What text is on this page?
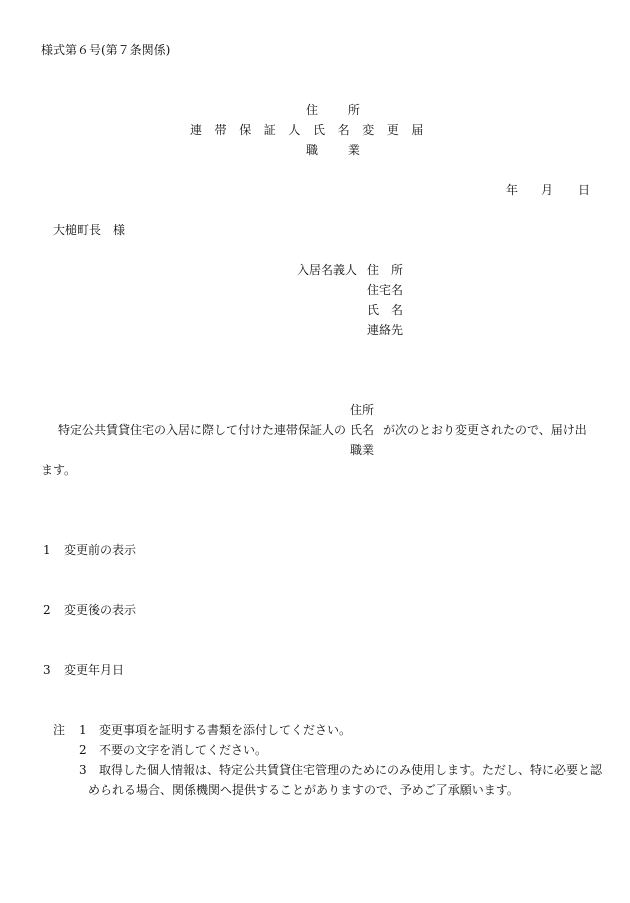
様式第６号(第７条関係)
住 所
連帯保証人氏名変更届
職 業
年 月 日
大槌町長　様
入居名義人 住　所
住宅名
氏　名
連絡先
住所
特定公共賃貸住宅の入居に際して付けた連帯保証人の 氏名 が次のとおり変更されたので、届け出
職業
ます。
1 変更前の表示
2 変更後の表示
3 変更年月日
注 1 変更事項を証明する書類を添付してください。
2 不要の文字を消してください。
3 取得した個人情報は、特定公共賃貸住宅管理のためにのみ使用します。ただし、特に必要と認
められる場合、関係機関へ提供することがありますので、予めご了承願います。
